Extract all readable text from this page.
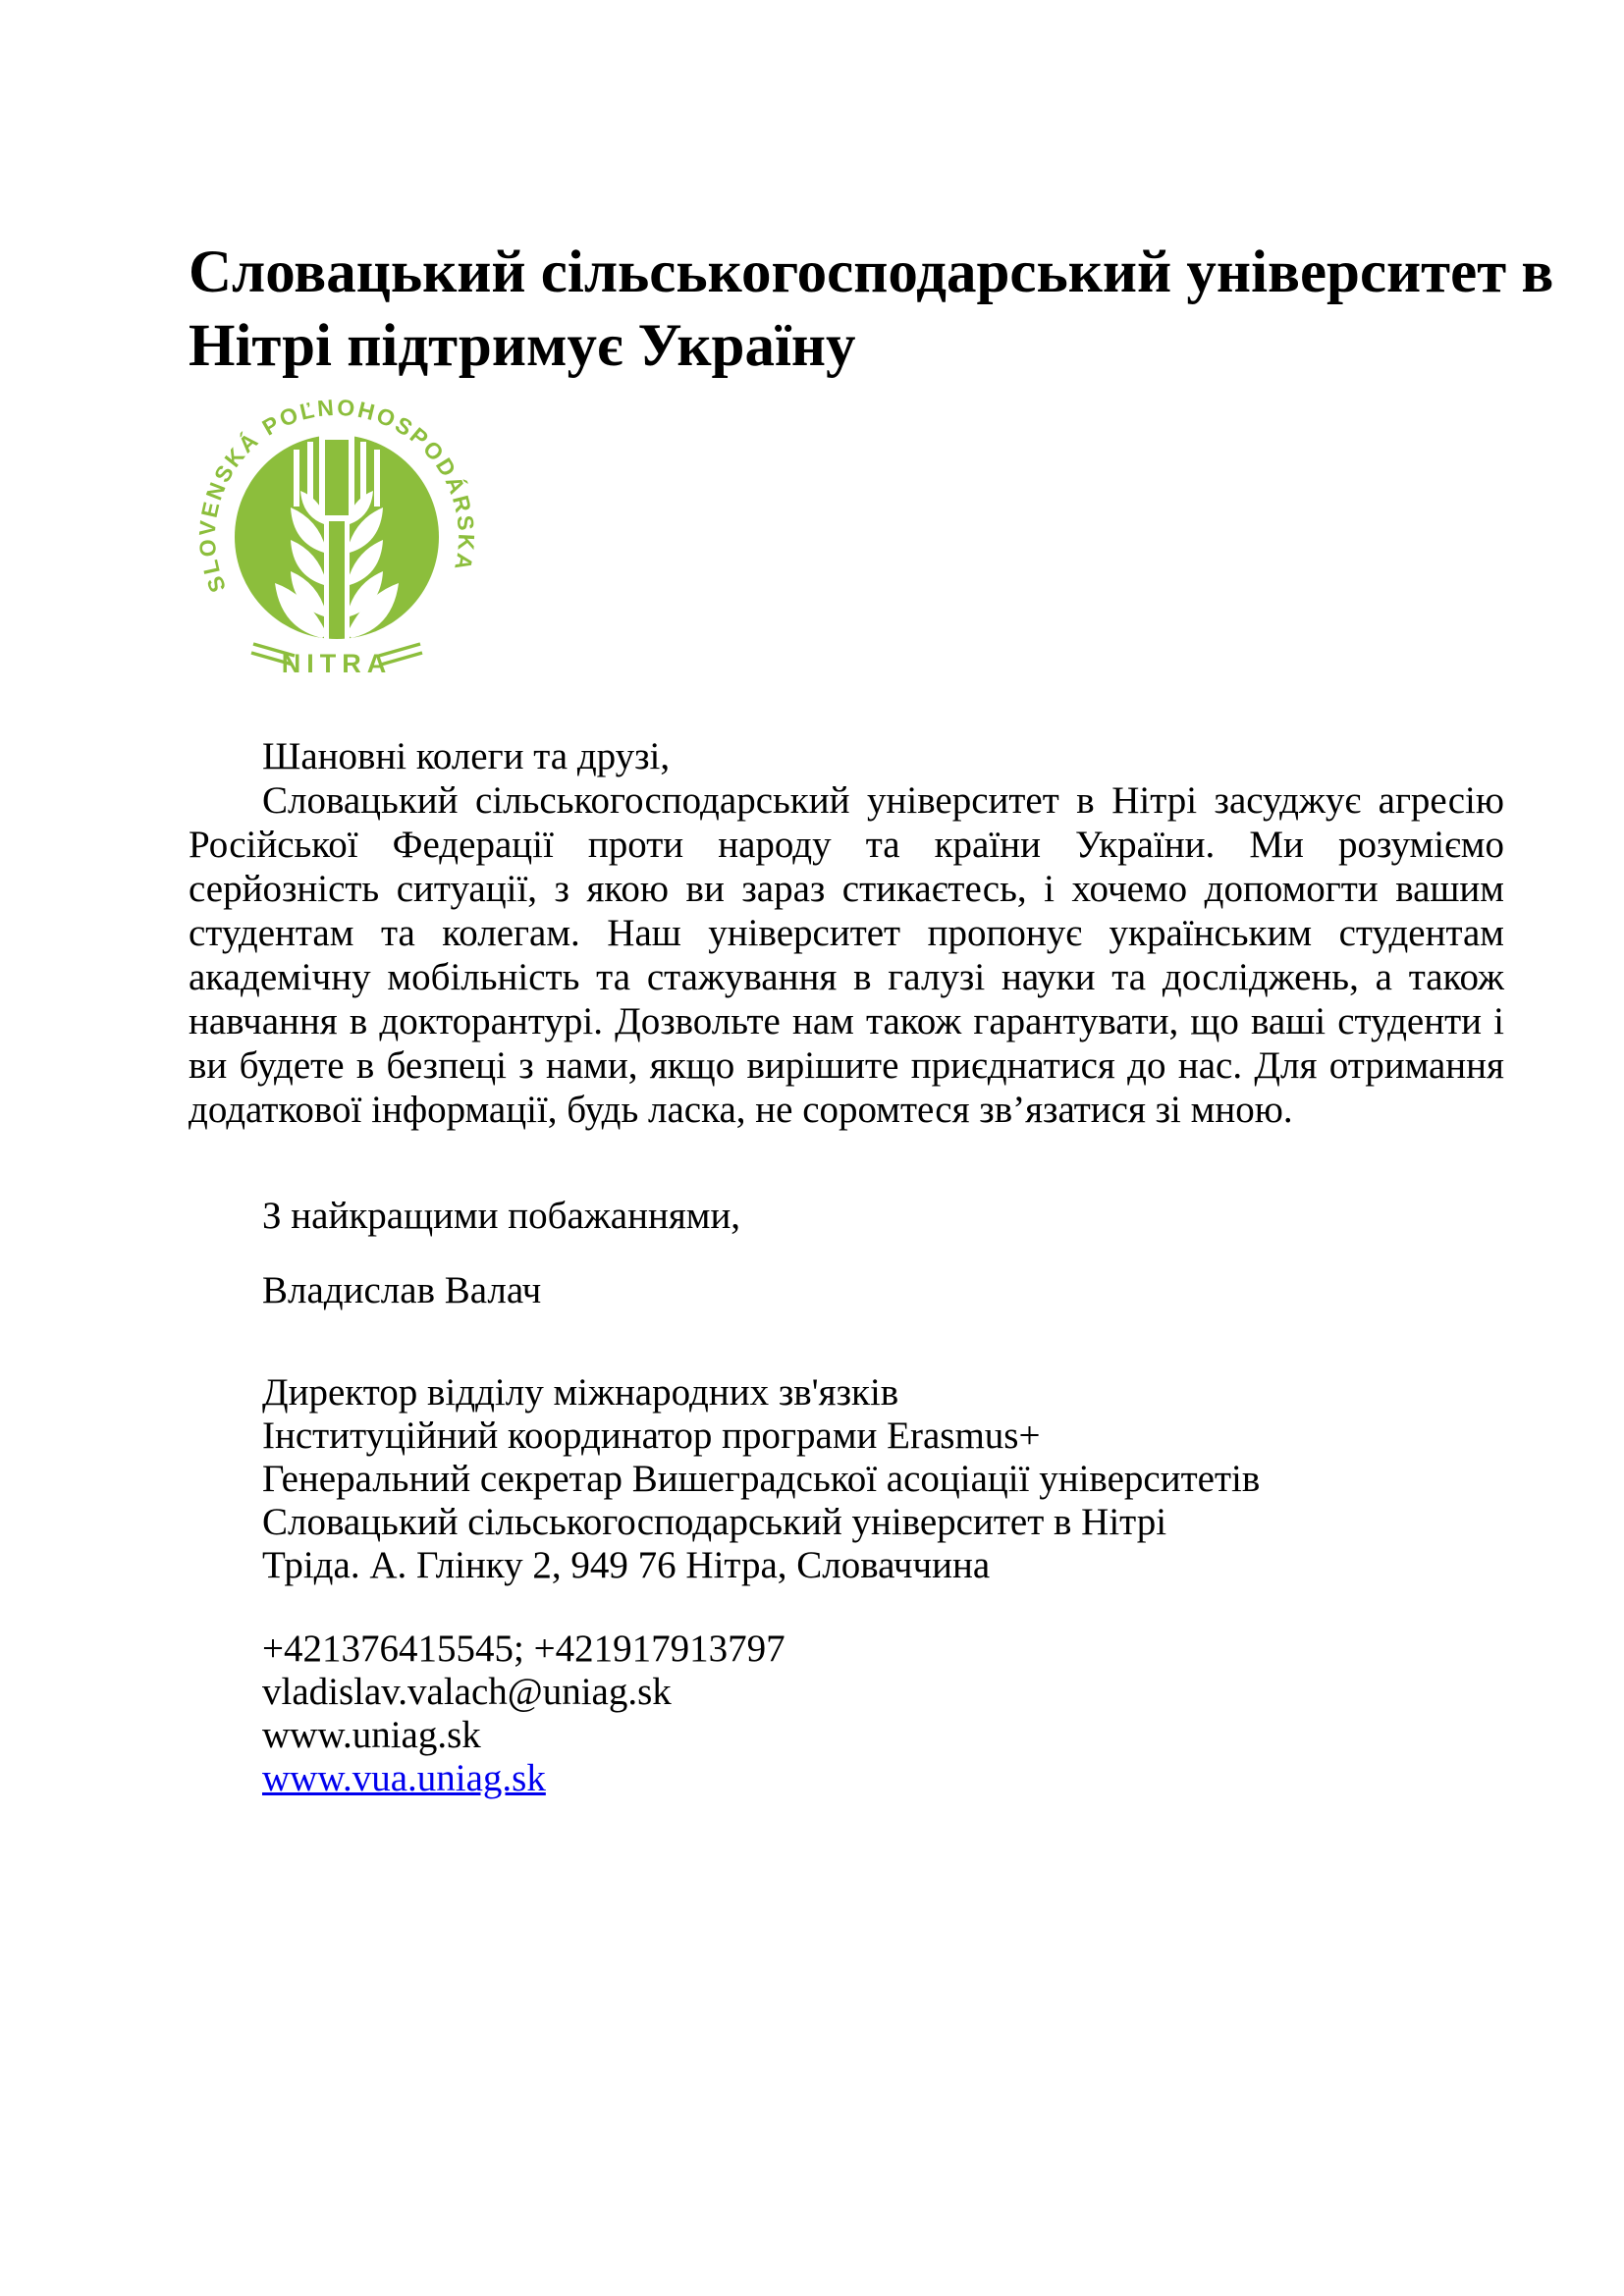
Словацький сільськогосподарський університет в
Нітрі підтримує Україну
SLOVENSKÁ POĽNOHOSPODÁRSKA  UNIVERZITA
NITRA

Шановні колеги та друзі,

Словацький сільськогосподарський університет в Нітрі засуджує агресію Російської Федерації проти народу та країни України. Ми розуміємо серйозність ситуації, з якою ви зараз стикаєтесь, і хочемо допомогти вашим студентам та колегам. Наш університет пропонує українським студентам академічну мобільність та стажування в галузі науки та досліджень, а також навчання в докторантурі. Дозвольте нам також гарантувати, що ваші студенти і ви будете в безпеці з нами, якщо вирішите приєднатися до нас. Для отримання додаткової інформації, будь ласка, не соромтеся зв’язатися зі мною.

З найкращими побажаннями,
Владислав Валач
Директор відділу міжнародних зв'язків
Інституційний координатор програми Erasmus+
Генеральний секретар Вишеградської асоціації університетів
Словацький сільськогосподарський університет в Нітрі
Тріда. А. Глінку 2, 949 76 Нітра, Словаччина
+421376415545; +421917913797
vladislav.valach@uniag.sk
www.uniag.sk
www.vua.uniag.sk
